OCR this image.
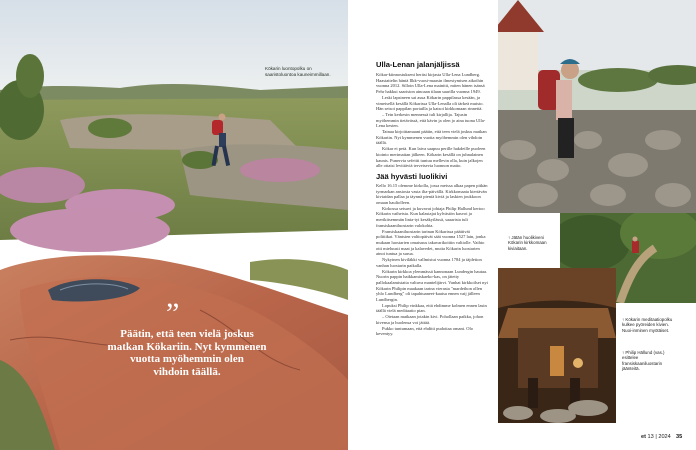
Kökarin luontopolku on saaristoluontoa kauneimmillaan.
”
Päätin, että teen vielä joskus
matkan Kökariin. Nyt kymmenen
vuotta myöhemmin olen
vihdoin täällä.
Ulla-Lenan jalanjäljissä

Kökar-kiinnostukseni heräsi kirjasta Ulla-Lena Lundberg. Haastattelin häntä Ilkk-vuosi-maasin ilmestymisen aikoihin vuonna 2012. Silloin Ulla-Lena mainitti, miten hänen isänsä Pehr hakkui saariston ainoaan tilaan saarilla vuonna 1949.

Leski lapsineen sai asua Kökarin pappilassa kesään, ja vimeisellä kesällä Kökarissa Ulla-Lenalla oli tärkeä muisto. Hän seisoi pappilan portailla ja katsoi kirkkomaan rinnettä.

– Tein kerkesin mennessä tuli kirjallija. Tajusin myöhemmin tietävässä, että kävin ja olen jo aina tuona Ulla-Lena kesten.

Tainaa kirjoittamaani päätin, että teen vielä joskus matkan Kökariin. Nyt kymmenen vuotta myöhemmin olen vihdoin täällä.

Kökar ei petä. Kun laiva saapuu perille hakdeille puoleen kiointo merimaitan jälkeen. Kökarin kesällä on juhnalainen kaunis. Punervia sefeitti tuntuu mellevin olla, kuin jalkojen alle ottaisi levittäviä terveisevia luonnon matto.

Jää hyvästi luolikivi

Kello 16.15 olemme kirkolla, jossa meissa alkaa papen pitkän tyrmarkan ansiosta vasta ilta-päivällä. Kirkkomaata kiertävän kiviaidan pallaa ja täynnä pieniä kiviä ja laskien joukkoon omaan hauliolleen.

Kirkossa seisavi ja kuvavat johtaja Philip Hallund kertoo Kökarin vaiheista. Kun kalastajat kylvästön kasvoi ja merikitsemmän linia-tyi kesäkyilässä, saaarista tuli fransiskaaniluostarin valokohta.

Fransiskaaniluostarin tarinan Kökarissa päättivät politiikat. Väntsien valtiopäivät säät vuonna 1527 lain, jonka mukaan luostarien omaisuus takavarikoitiin valtiolle. Vaihto otti mieluusti maat ja kalavedet, mutta Kökarin luostarien ainoi tuntua ja surua.

Nykyinen kiviläkki vallmistui vuonna 1784 ja täjdetion vanhan luostarin paikalla.

Kökarin kirkkoa ylemmässä kannonaan Lundergin hautaa. Nuorin pappin haikkamiskaeko-kas, on jätetty pallokaalamistatta valtuva mantelijärvi. Vanhat kirkkoilset nyt Kökarin Philipin maakaan tarina vierasta "mardethon ollen yhlo Lundberg" oli tapahtuaneet-kaaisa ennen vaij jälleen Lundbergin.

Lopuksi Philip vinkkaa, että ehdimme kolmen ennen lasin täällä vielä meditaatio pian.

– Otetaan matkaan jotakin kivi. Pohollaan paikka, johon kivensa ja huolensa voi jättää.

Pukko tuntumaan, että ehditti pudottaa omani. Olo keventyy.

↑ Jätän huolikiveni Kökarin kirkkomaan kiviaitaan.
↑ Kökarin meditaatiopolku kulkee pyöreiden kivien. Nuoi-inminen myötäiset.
↑ Philip Hällund (vas.) esittelee fransiskaaniluostarin jäänteitä.
et 13 | 2024 35
